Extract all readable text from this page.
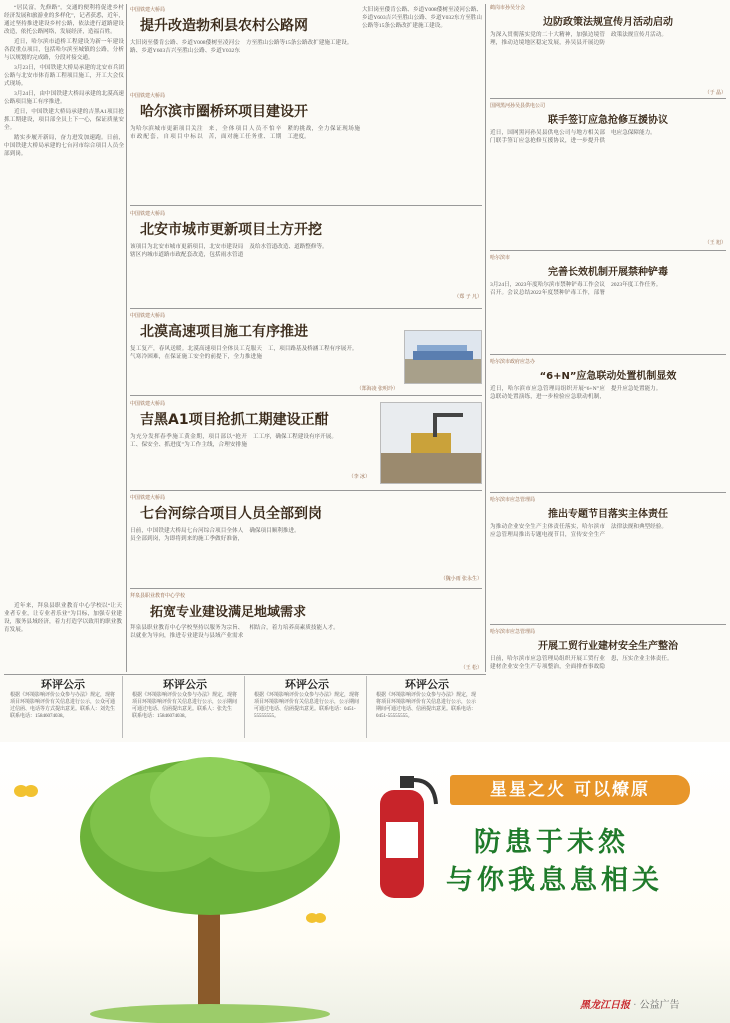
“居民富，先修路”，交通的便利将促进乡村经济发展和旅游业的多样化”，记者获悉，近年，通过坚持推进建设乡村公路，依法进行道路建设改造，依托公路网络，发展经济，造福百姓。

近日，哈尔滨市道桥工程建设为新一年建设各段重点项目，包括哈尔滨至城镇的公路，分析与以规划的完成路，分段对接交通。

3月23日，中国铁建大桥局承建的北安市兵团公路与北安市体育路工程项目施工，开工大会仪式现场。

3月24日，由中国铁建大桥局承建的北漠高速公路项目施工有序推进。

近日，中国铁建大桥局承建的吉黑A1项目抢抓工期建设，项目部全员上下一心，保证质量安全。

踏实步履开新局，奋力进发加速跑。日前，中国铁建大桥局承建的七台河市综合项目人员全部到岗。

近年来，拜泉县职业教育中心学校以“让天业者专业，让专业者乐业”为目标，加强专业建设，服务县域经济，着力打造学以致用的职业教育发展。

中国铁建大桥局
提升改造勃利县农村公路网
大旧岗至倭肯公路、乡道Y008倭树至凌河公路、乡道Y603吉兴至胜山公路、乡道Y032东方至胜山公路等15条公路改扩建施工建设。
大旧岗至倭肯公路、乡道Y008倭树至凌河公路、乡道Y603吉兴至胜山公路、乡道Y032东方至胜山公路等15条公路改扩建施工建设。
中国铁建大桥局
哈尔滨市圈桥环项目建设开
为哈尔滨城市更新项目关注市政配套，自项目中标以来，全体项目人员不怕辛苦，面对施工任务重、工期紧的挑战，全力保证现场施工进度。
中国铁建大桥局
北安市城市更新项目土方开挖
该项目为北安市城市更新项目，北安市建设局辖区内城市道路市政配套改造，包括雨水管道及给水管道改造、道路整修等。
（郑 子 凡）
中国铁建大桥局
北漠高速项目施工有序推进
复工复产，春风送暖。北漠高速项目全体员工克服天气寒冷困难，在保证施工安全的前提下，全力推进施工，项目路基及桥涵工程有序展开。
（郑海凌 张明玲）
中国铁建大桥局
吉黑A1项目抢抓工期建设正酣
为充分发挥春季施工黄金期，项目部以“抢开工、保安全、抓进度”为工作主线，合理安排施工工序，确保工程建设有序开展。
（李 冰）
中国铁建大桥局
七台河综合项目人员全部到岗
日前，中国铁建大桥局七台河综合项目全体人员全部到岗，为即将到来的施工季做好准备，确保项目顺利推进。
（魏小雨 张永生）
拜泉县职业教育中心学校
拓宽专业建设满足地域需求
拜泉县职业教育中心学校坚持以服务为宗旨、以就业为导向，推进专业建设与县域产业需求相结合，着力培养高素质技能人才。
（王 松）
鹤岗市孙吴分会
边防政策法规宣传月活动启动
为深入贯彻落实党的二十大精神，加强边境管理，推动边境地区稳定发展，孙吴县开展边防政策法规宣传月活动。
（于 晶）
国网黑河孙吴县供电公司
联手签订应急抢修互援协议
近日，国网黑河孙吴县供电公司与地方相关部门联手签订应急抢修互援协议，进一步提升供电应急保障能力。
（王 旭）
哈尔滨市
完善长效机制开展禁种铲毒
3月24日，2023年度哈尔滨市禁种铲毒工作会议召开。会议总结2022年度禁种铲毒工作，部署2023年度工作任务。
哈尔滨市政府应急办
“6+N”应急联动处置机制显效
近日，哈尔滨市应急管理局组织开展“6+N”应急联动处置演练，进一步检验应急联动机制，提升应急处置能力。
哈尔滨市应急管理局
推出专题节目落实主体责任
为推动企业安全生产主体责任落实，哈尔滨市应急管理局推出专题电视节目，宣传安全生产法律法规和典型经验。
哈尔滨市应急管理局
开展工贸行业建材安全生产整治
日前，哈尔滨市应急管理局组织开展工贸行业建材企业安全生产专项整治，全面排查事故隐患，压实企业主体责任。
环评公示
根据《环境影响评价公众参与办法》规定，现将项目环境影响评价有关信息进行公示，公众可通过信函、电话等方式提出意见。联系人：刘先生 联系电话：15846074038。
环评公示
根据《环境影响评价公众参与办法》规定，现将项目环境影响评价有关信息进行公示，公示期间可通过电话、信函提出意见。联系人：张先生 联系电话：15846074038。
环评公示
根据《环境影响评价公众参与办法》规定，现将项目环境影响评价有关信息进行公示，公示期间可通过电话、信函提出意见。联系电话：0451-55555555。
环评公示
根据《环境影响评价公众参与办法》规定，现将项目环境影响评价有关信息进行公示，公示期间可通过电话、信函提出意见。联系电话：0451-55555555。
星星之火 可以燎原
防患于未然
与你我息息相关
黑龙江日报 · 公益广告
